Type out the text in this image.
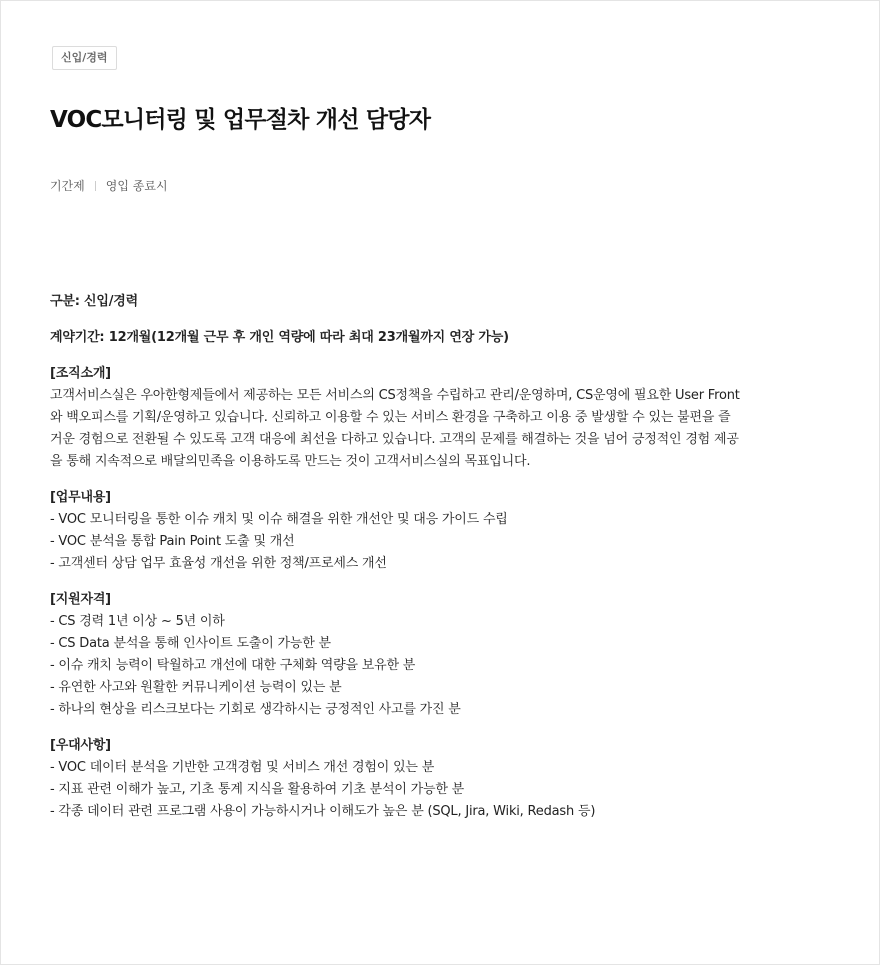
신입/경력
VOC모니터링 및 업무절차 개선 담당자
기간제 영입 종료시
구분: 신입/경력
계약기간: 12개월(12개월 근무 후 개인 역량에 따라 최대 23개월까지 연장 가능)
[조직소개]

고객서비스실은 우아한형제들에서 제공하는 모든 서비스의 CS정책을 수립하고 관리/운영하며, CS운영에 필요한 User Front

와 백오피스를 기획/운영하고 있습니다. 신뢰하고 이용할 수 있는 서비스 환경을 구축하고 이용 중 발생할 수 있는 불편을 즐

거운 경험으로 전환될 수 있도록 고객 대응에 최선을 다하고 있습니다. 고객의 문제를 해결하는 것을 넘어 긍정적인 경험 제공

을 통해 지속적으로 배달의민족을 이용하도록 만드는 것이 고객서비스실의 목표입니다.

[업무내용]

- VOC 모니터링을 통한 이슈 캐치 및 이슈 해결을 위한 개선안 및 대응 가이드 수립

- VOC 분석을 통합 Pain Point 도출 및 개선

- 고객센터 상담 업무 효율성 개선을 위한 정책/프로세스 개선

[지원자격]

- CS 경력 1년 이상 ~ 5년 이하

- CS Data 분석을 통해 인사이트 도출이 가능한 분

- 이슈 캐치 능력이 탁월하고 개선에 대한 구체화 역량을 보유한 분

- 유연한 사고와 원활한 커뮤니케이션 능력이 있는 분

- 하나의 현상을 리스크보다는 기회로 생각하시는 긍정적인 사고를 가진 분

[우대사항]

- VOC 데이터 분석을 기반한 고객경험 및 서비스 개선 경험이 있는 분

- 지표 관련 이해가 높고, 기초 통계 지식을 활용하여 기초 분석이 가능한 분

- 각종 데이터 관련 프로그램 사용이 가능하시거나 이해도가 높은 분 (SQL, Jira, Wiki, Redash 등)
